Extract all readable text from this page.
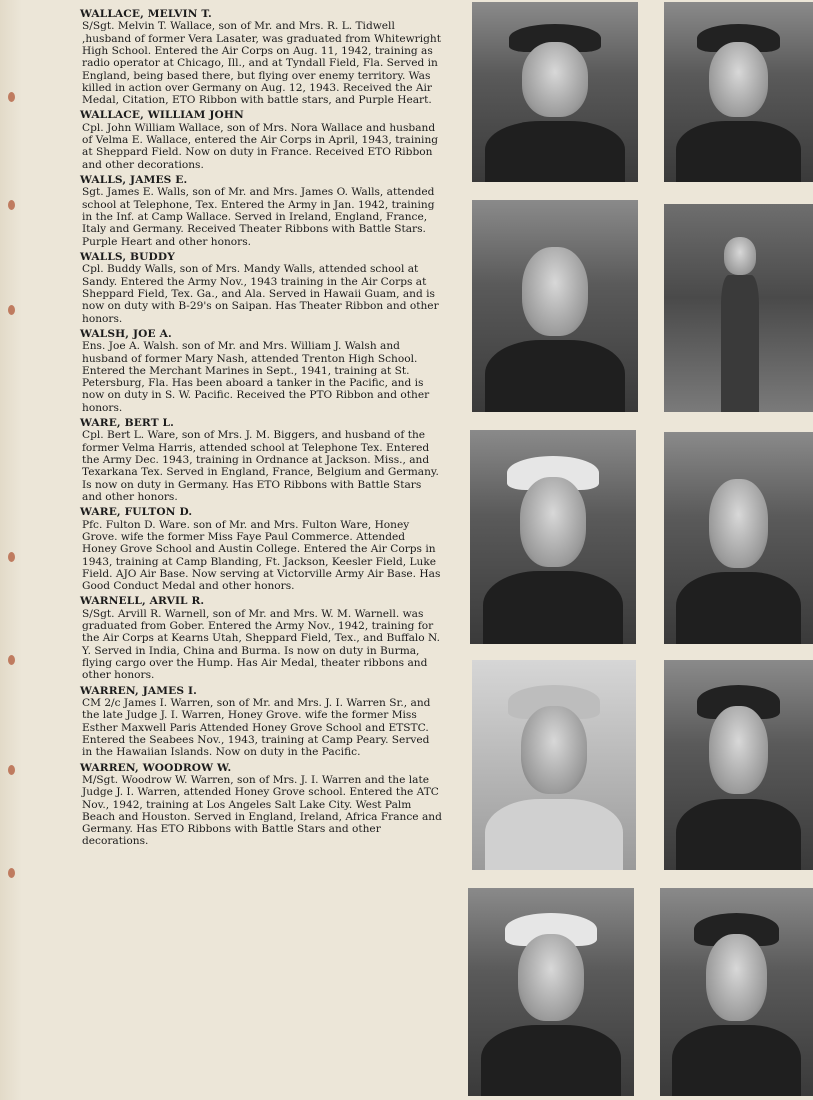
WALLACE, MELVIN T.

S/Sgt. Melvin T. Wallace, son of Mr. and Mrs. R. L. Tidwell ,husband of former Vera Lasater, was graduated from Whitewright High School. Entered the Air Corps on Aug. 11, 1942, training as radio operator at Chicago, Ill., and at Tyndall Field, Fla. Served in England, being based there, but flying over enemy territory. Was killed in action over Germany on Aug. 12, 1943. Received the Air Medal, Citation, ETO Ribbon with battle stars, and Purple Heart.

WALLACE, WILLIAM JOHN

Cpl. John William Wallace, son of Mrs. Nora Wallace and husband of Velma E. Wallace, entered the Air Corps in April, 1943, training at Sheppard Field. Now on duty in France. Received ETO Ribbon and other decorations.

WALLS, JAMES E.

Sgt. James E. Walls, son of Mr. and Mrs. James O. Walls, attended school at Telephone, Tex. Entered the Army in Jan. 1942, training in the Inf. at Camp Wallace. Served in Ireland, England, France, Italy and Germany. Received Theater Ribbons with Battle Stars. Purple Heart and other honors.

WALLS, BUDDY

Cpl. Buddy Walls, son of Mrs. Mandy Walls, attended school at Sandy. Entered the Army Nov., 1943 training in the Air Corps at Sheppard Field, Tex. Ga., and Ala. Served in Hawaii Guam, and is now on duty with B-29's on Saipan. Has Theater Ribbon and other honors.

WALSH, JOE A.

Ens. Joe A. Walsh. son of Mr. and Mrs. William J. Walsh and husband of former Mary Nash, attended Trenton High School. Entered the Merchant Marines in Sept., 1941, training at St. Petersburg, Fla. Has been aboard a tanker in the Pacific, and is now on duty in S. W. Pacific. Received the PTO Ribbon and other honors.

WARE, BERT L.

Cpl. Bert L. Ware, son of Mrs. J. M. Biggers, and husband of the former Velma Harris, attended school at Telephone Tex. Entered the Army Dec. 1943, training in Ordnance at Jackson. Miss., and Texarkana Tex. Served in England, France, Belgium and Germany. Is now on duty in Germany. Has ETO Ribbons with Battle Stars and other honors.

WARE, FULTON D.

Pfc. Fulton D. Ware. son of Mr. and Mrs. Fulton Ware, Honey Grove. wife the former Miss Faye Paul Commerce. Attended Honey Grove School and Austin College. Entered the Air Corps in 1943, training at Camp Blanding, Ft. Jackson, Keesler Field, Luke Field. AJO Air Base. Now serving at Victorville Army Air Base. Has Good Conduct Medal and other honors.

WARNELL, ARVIL R.

S/Sgt. Arvill R. Warnell, son of Mr. and Mrs. W. M. Warnell. was graduated from Gober. Entered the Army Nov., 1942, training for the Air Corps at Kearns Utah, Sheppard Field, Tex., and Buffalo N. Y. Served in India, China and Burma. Is now on duty in Burma, flying cargo over the Hump. Has Air Medal, theater ribbons and other honors.

WARREN, JAMES I.

CM 2/c James I. Warren, son of Mr. and Mrs. J. I. Warren Sr., and the late Judge J. I. Warren, Honey Grove. wife the former Miss Esther Maxwell Paris Attended Honey Grove School and ETSTC. Entered the Seabees Nov., 1943, training at Camp Peary. Served in the Hawaiian Islands. Now on duty in the Pacific.

WARREN, WOODROW W.

M/Sgt. Woodrow W. Warren, son of Mrs. J. I. Warren and the late Judge J. I. Warren, attended Honey Grove school. Entered the ATC Nov., 1942, training at Los Angeles Salt Lake City. West Palm Beach and Houston. Served in England, Ireland, Africa France and Germany. Has ETO Ribbons with Battle Stars and other decorations.
